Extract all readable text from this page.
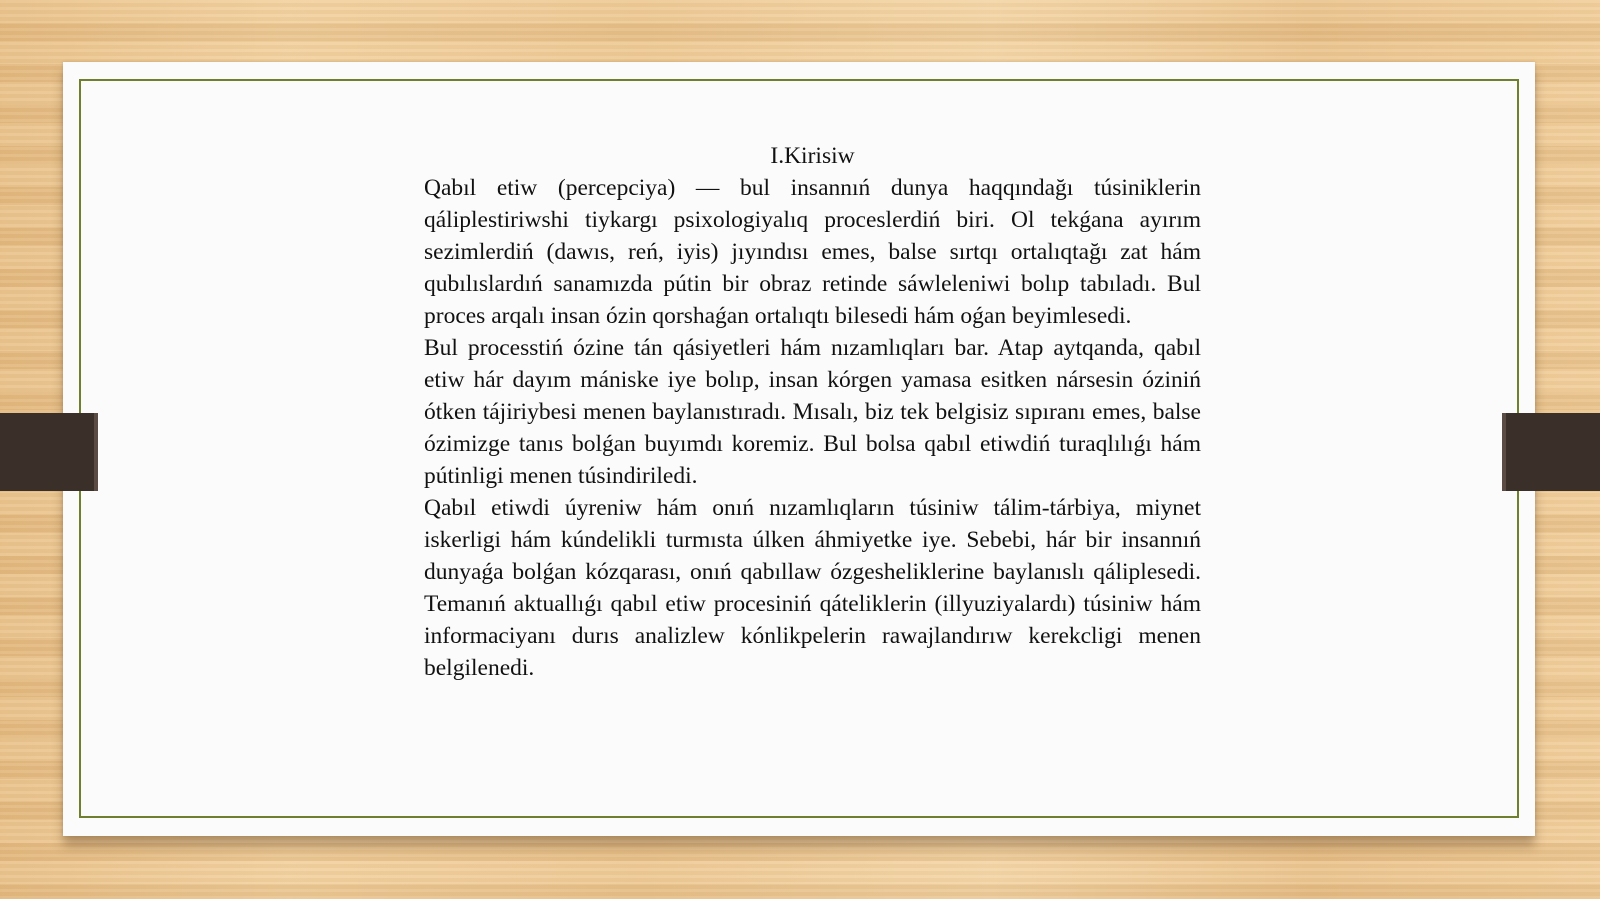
I.Kirisiw

Qabıl etiw (percepciya) — bul insannıń dunya haqqındağı túsiniklerin qáliplestiriwshi tiykargı psixologiyalıq proceslerdiń biri. Ol tekǵana ayırım sezimlerdiń (dawıs, reń, iyis) jıyındısı emes, balse sırtqı ortalıqtağı zat hám qubılıslardıń sanamızda pútin bir obraz retinde sáwleleniwi bolıp tabıladı. Bul proces arqalı insan ózin qorshaǵan ortalıqtı bilesedi hám oǵan beyimlesedi.

Bul processtiń ózine tán qásiyetleri hám nızamlıqları bar. Atap aytqanda, qabıl etiw hár dayım mániske iye bolıp, insan kórgen yamasa esitken nársesin óziniń ótken tájiriybesi menen baylanıstıradı. Mısalı, biz tek belgisiz sıpıranı emes, balse ózimizge tanıs bolǵan buyımdı koremiz. Bul bolsa qabıl etiwdiń turaqlılıǵı hám pútinligi menen túsindiriledi.

Qabıl etiwdi úyreniw hám onıń nızamlıqların túsiniw tálim-tárbiya, miynet iskerligi hám kúndelikli turmısta úlken áhmiyetke iye. Sebebi, hár bir insannıń dunyaǵa bolǵan kózqarası, onıń qabıllaw ózgesheliklerine baylanıslı qáliplesedi. Temanıń aktuallıǵı qabıl etiw procesiniń qáteliklerin (illyuziyalardı) túsiniw hám informaciyanı durıs analizlew kónlikpelerin rawajlandırıw kerekcligi menen belgilenedi.
